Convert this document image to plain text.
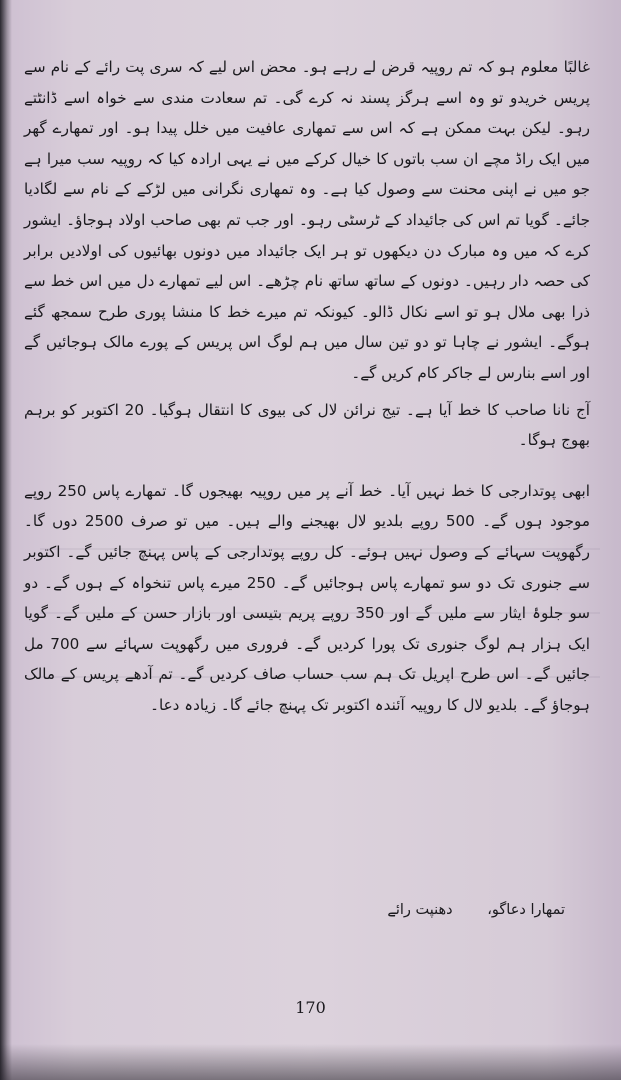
غالبًا معلوم ہو کہ تم روپیہ قرض لے رہے ہو۔ محض اس لیے کہ سری پت رائے کے نام سے پریس خریدو تو وہ اسے ہرگز پسند نہ کرے گی۔ تم سعادت مندی سے خواہ اسے ڈانٹتے رہو۔ لیکن بہت ممکن ہے کہ اس سے تمھاری عافیت میں خلل پیدا ہو۔ اور تمھارے گھر میں ایک راڈ مچے ان سب باتوں کا خیال کرکے میں نے یہی ارادہ کیا کہ روپیہ سب میرا ہے جو میں نے اپنی محنت سے وصول کیا ہے۔ وہ تمھاری نگرانی میں لڑکے کے نام سے لگادیا جائے۔ گویا تم اس کی جائیداد کے ٹرسٹی رہو۔ اور جب تم بھی صاحب اولاد ہوجاؤ۔ ایشور کرے کہ میں وہ مبارک دن دیکھوں تو ہر ایک جائیداد میں دونوں بھائیوں کی اولادیں برابر کی حصہ دار رہیں۔ دونوں کے ساتھ ساتھ نام چڑھے۔ اس لیے تمھارے دل میں اس خط سے ذرا بھی ملال ہو تو اسے نکال ڈالو۔ کیونکہ تم میرے خط کا منشا پوری طرح سمجھ گئے ہوگے۔ ایشور نے چاہا تو دو تین سال میں ہم لوگ اس پریس کے پورے مالک ہوجائیں گے اور اسے بنارس لے جاکر کام کریں گے۔

آج نانا صاحب کا خط آیا ہے۔ تیج نرائن لال کی بیوی کا انتقال ہوگیا۔ 20 اکتوبر کو برہم بھوج ہوگا۔

ابھی پوتدارجی کا خط نہیں آیا۔ خط آنے پر میں روپیہ بھیجوں گا۔ تمھارے پاس 250 روپے موجود ہوں گے۔ 500 روپے بلدیو لال بھیجنے والے ہیں۔ میں تو صرف 2500 دوں گا۔ رگھوپت سہائے کے وصول نہیں ہوئے۔ کل روپے پوتدارجی کے پاس پہنچ جائیں گے۔ اکتوبر سے جنوری تک دو سو تمھارے پاس ہوجائیں گے۔ 250 میرے پاس تنخواہ کے ہوں گے۔ دو سو جلوۂ ایثار سے ملیں گے اور 350 روپے پریم بتیسی اور بازار حسن کے ملیں گے۔ گویا ایک ہزار ہم لوگ جنوری تک پورا کردیں گے۔ فروری میں رگھوپت سہائے سے 700 مل جائیں گے۔ اس طرح اپریل تک ہم سب حساب صاف کردیں گے۔ تم آدھے پریس کے مالک ہوجاؤ گے۔ بلدیو لال کا روپیہ آئندہ اکتوبر تک پہنچ جائے گا۔ زیادہ دعا۔

تمھارا دعاگو، دھنپت رائے
170
